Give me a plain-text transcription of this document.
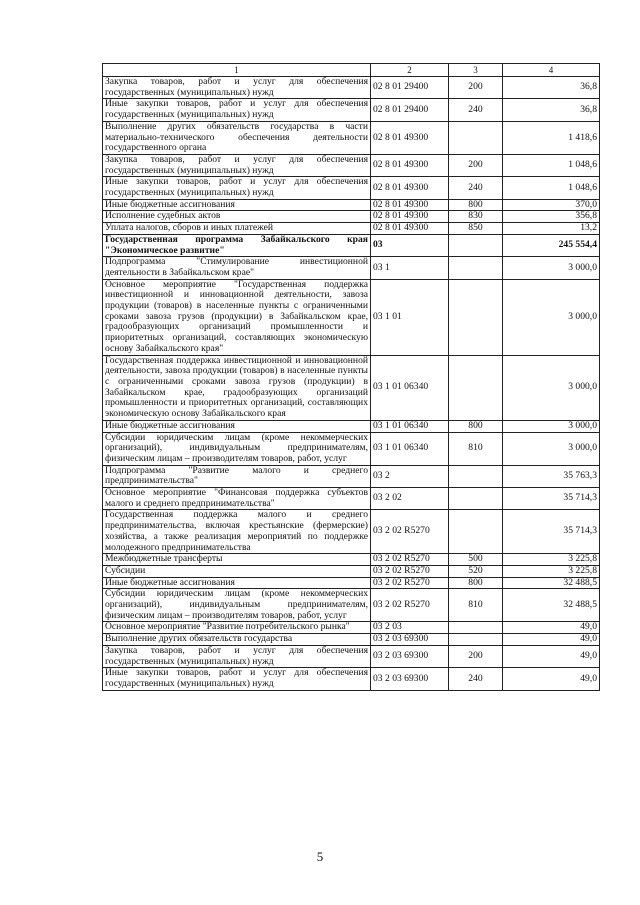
1	2	3	4
Закупка товаров, работ и услуг для обеспечения государственных (муниципальных) нужд	02 8 01 29400	200	36,8
Иные закупки товаров, работ и услуг для обеспечения государственных (муниципальных) нужд	02 8 01 29400	240	36,8
Выполнение других обязательств государства в части материально-технического обеспечения деятельности государственного органа	02 8 01 49300		1 418,6
Закупка товаров, работ и услуг для обеспечения государственных (муниципальных) нужд	02 8 01 49300	200	1 048,6
Иные закупки товаров, работ и услуг для обеспечения государственных (муниципальных) нужд	02 8 01 49300	240	1 048,6
Иные бюджетные ассигнования	02 8 01 49300	800	370,0
Исполнение судебных актов	02 8 01 49300	830	356,8
Уплата налогов, сборов и иных платежей	02 8 01 49300	850	13,2
Государственная программа Забайкальского края "Экономическое развитие"	03		245 554,4
Подпрограмма "Стимулирование инвестиционной деятельности в Забайкальском крае"	03 1		3 000,0
Основное мероприятие "Государственная поддержка инвестиционной и инновационной деятельности, завоза продукции (товаров) в населенные пункты с ограниченными сроками завоза грузов (продукции) в Забайкальском крае, градообразующих организаций промышленности и приоритетных организаций, составляющих экономическую основу Забайкальского края"	03 1 01		3 000,0
Государственная поддержка инвестиционной и инновационной деятельности, завоза продукции (товаров) в населенные пункты с ограниченными сроками завоза грузов (продукции) в Забайкальском крае, градообразующих организаций промышленности и приоритетных организаций, составляющих экономическую основу Забайкальского края	03 1 01 06340		3 000,0
Иные бюджетные ассигнования	03 1 01 06340	800	3 000,0
Субсидии юридическим лицам (кроме некоммерческих организаций), индивидуальным предпринимателям, физическим лицам – производителям товаров, работ, услуг	03 1 01 06340	810	3 000,0
Подпрограмма "Развитие малого и среднего предпринимательства"	03 2		35 763,3
Основное мероприятие "Финансовая поддержка субъектов малого и среднего предпринимательства"	03 2 02		35 714,3
Государственная поддержка малого и среднего предпринимательства, включая крестьянские (фермерские) хозяйства, а также реализация мероприятий по поддержке молодежного предпринимательства	03 2 02 R5270		35 714,3
Межбюджетные трансферты	03 2 02 R5270	500	3 225,8
Субсидии	03 2 02 R5270	520	3 225,8
Иные бюджетные ассигнования	03 2 02 R5270	800	32 488,5
Субсидии юридическим лицам (кроме некоммерческих организаций), индивидуальным предпринимателям, физическим лицам – производителям товаров, работ, услуг	03 2 02 R5270	810	32 488,5
Основное мероприятие "Развитие потребительского рынка"	03 2 03		49,0
Выполнение других обязательств государства	03 2 03 69300		49,0
Закупка товаров, работ и услуг для обеспечения государственных (муниципальных) нужд	03 2 03 69300	200	49,0
Иные закупки товаров, работ и услуг для обеспечения государственных (муниципальных) нужд	03 2 03 69300	240	49,0
5
